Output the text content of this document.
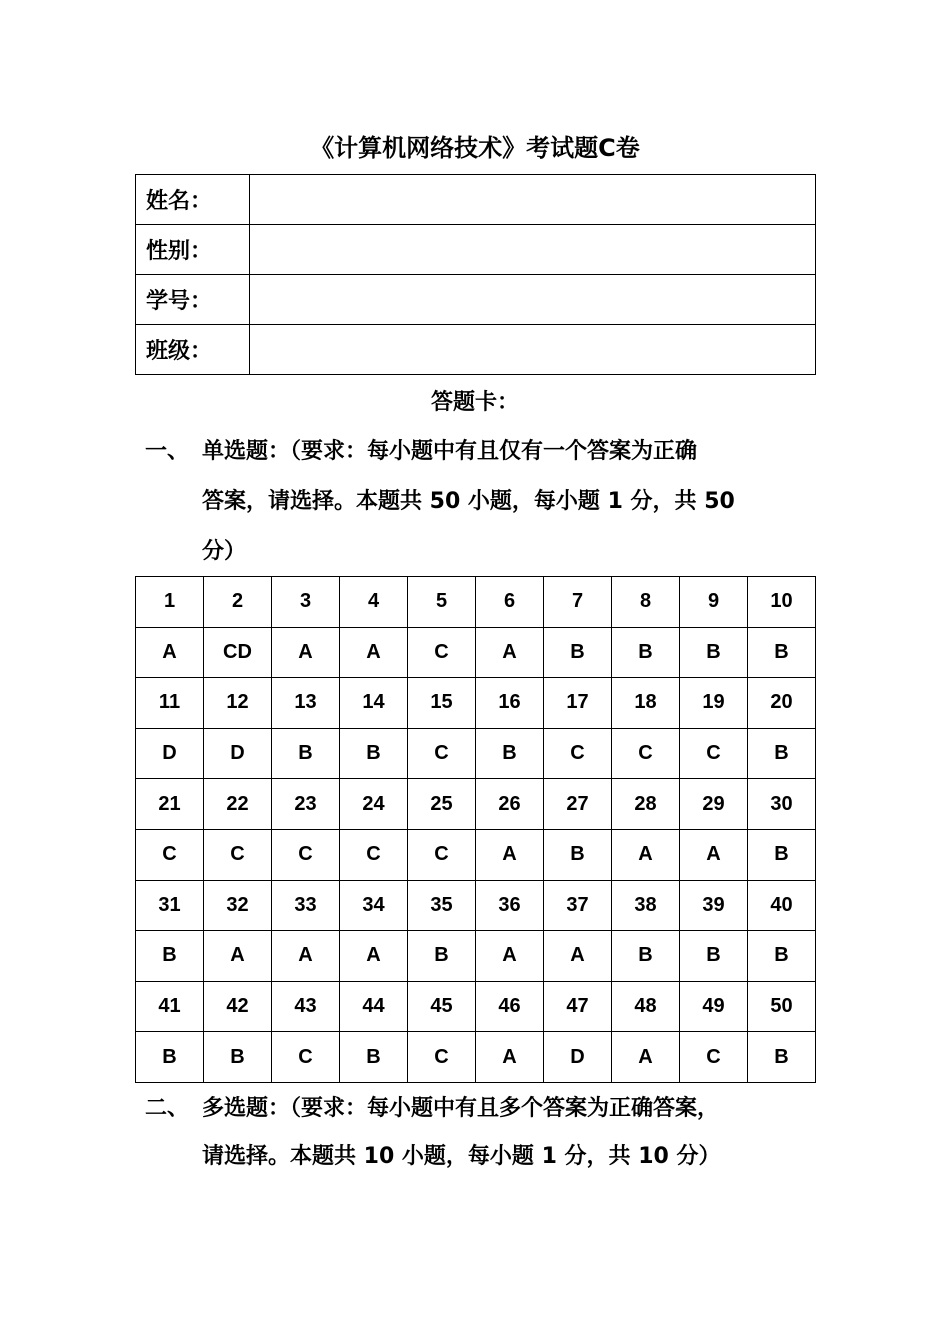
《计算机网络技术》考试题C卷
姓名：	
性别：	
学号：	
班级：	
答题卡：
一、 单选题：（要求：每小题中有且仅有一个答案为正确
答案，请选择。本题共 50 小题，每小题 1 分，共 50
分）
1	2	3	4	5	6	7	8	9	10
A	CD	A	A	C	A	B	B	B	B
11	12	13	14	15	16	17	18	19	20
D	D	B	B	C	B	C	C	C	B
21	22	23	24	25	26	27	28	29	30
C	C	C	C	C	A	B	A	A	B
31	32	33	34	35	36	37	38	39	40
B	A	A	A	B	A	A	B	B	B
41	42	43	44	45	46	47	48	49	50
B	B	C	B	C	A	D	A	C	B
二、 多选题：（要求：每小题中有且多个答案为正确答案，
请选择。本题共 10 小题，每小题 1 分，共 10 分）
